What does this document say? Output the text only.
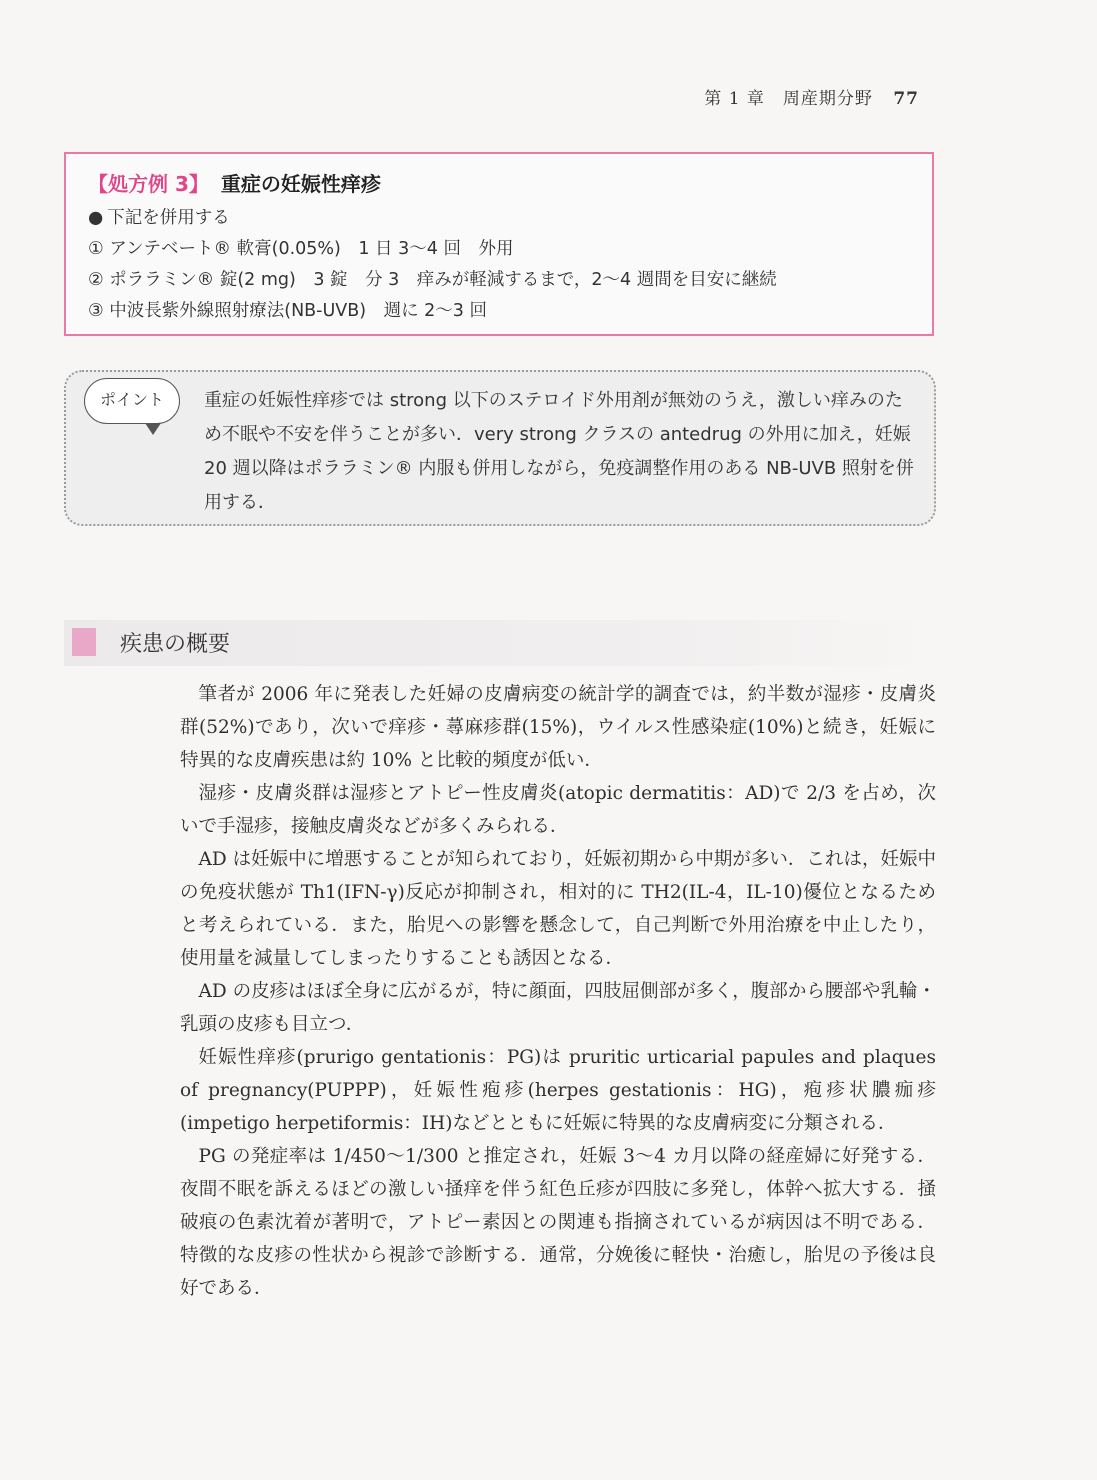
第 1 章　周産期分野 77
【処方例 3】 重症の妊娠性痒疹
● 下記を併用する
① アンテベート® 軟膏(0.05%)　1 日 3〜4 回　外用
② ポララミン® 錠(2 mg)　3 錠　分 3　痒みが軽減するまで，2〜4 週間を目安に継続
③ 中波長紫外線照射療法(NB-UVB)　週に 2〜3 回
ポイント	重症の妊娠性痒疹では strong 以下のステロイド外用剤が無効のうえ，激しい痒みのため不眠や不安を伴うことが多い．very strong クラスの antedrug の外用に加え，妊娠 20 週以降はポララミン® 内服も併用しながら，免疫調整作用のある NB-UVB 照射を併用する．
疾患の概要

筆者が 2006 年に発表した妊婦の皮膚病変の統計学的調査では，約半数が湿疹・皮膚炎群(52%)であり，次いで痒疹・蕁麻疹群(15%)，ウイルス性感染症(10%)と続き，妊娠に特異的な皮膚疾患は約 10% と比較的頻度が低い．

湿疹・皮膚炎群は湿疹とアトピー性皮膚炎(atopic dermatitis：AD)で 2/3 を占め，次いで手湿疹，接触皮膚炎などが多くみられる．

AD は妊娠中に増悪することが知られており，妊娠初期から中期が多い．これは，妊娠中の免疫状態が Th1(IFN-γ)反応が抑制され，相対的に TH2(IL-4，IL-10)優位となるためと考えられている．また，胎児への影響を懸念して，自己判断で外用治療を中止したり，使用量を減量してしまったりすることも誘因となる．

AD の皮疹はほぼ全身に広がるが，特に顔面，四肢屈側部が多く，腹部から腰部や乳輪・乳頭の皮疹も目立つ．

妊娠性痒疹(prurigo gentationis：PG)は pruritic urticarial papules and plaques of pregnancy(PUPPP)，妊娠性疱疹(herpes gestationis：HG)，疱疹状膿痂疹(impetigo herpetiformis：IH)などとともに妊娠に特異的な皮膚病変に分類される．

PG の発症率は 1/450〜1/300 と推定され，妊娠 3〜4 カ月以降の経産婦に好発する．夜間不眠を訴えるほどの激しい掻痒を伴う紅色丘疹が四肢に多発し，体幹へ拡大する．掻破痕の色素沈着が著明で，アトピー素因との関連も指摘されているが病因は不明である．特徴的な皮疹の性状から視診で診断する．通常，分娩後に軽快・治癒し，胎児の予後は良好である．
